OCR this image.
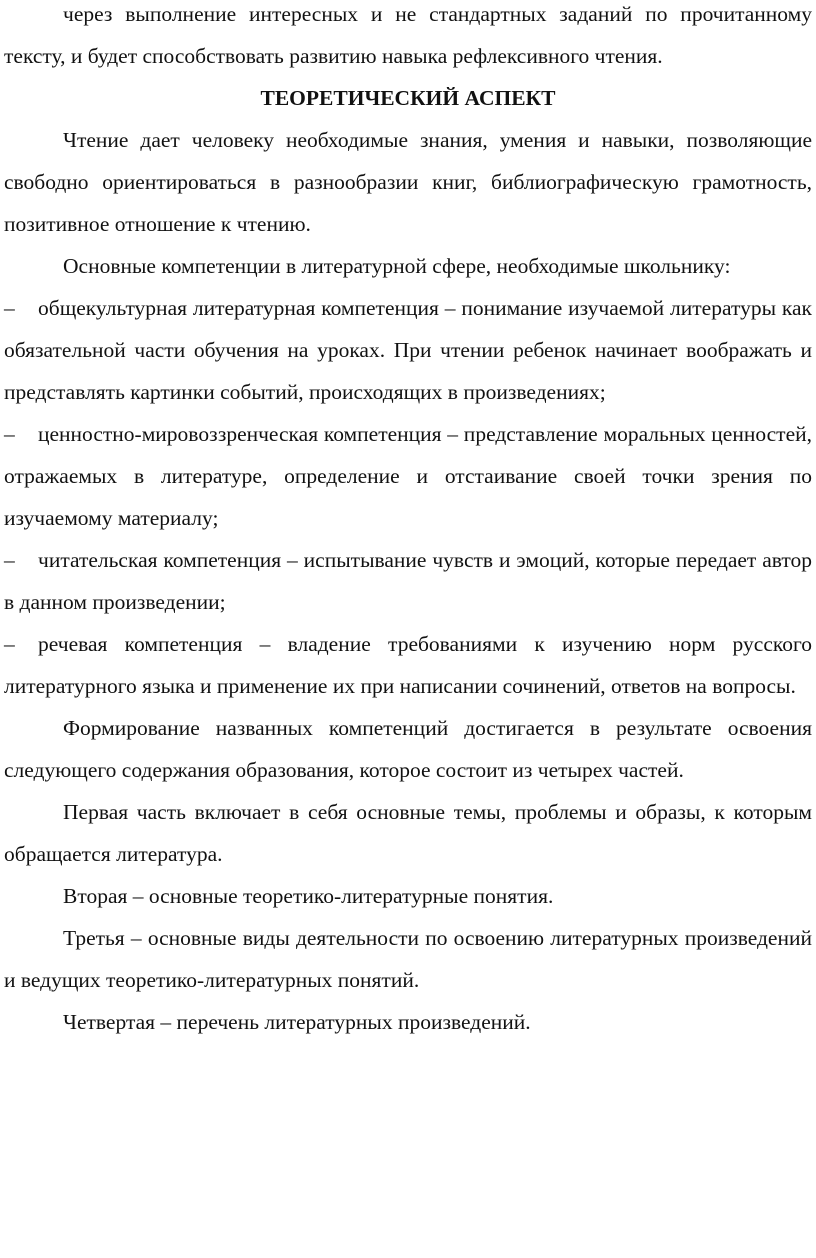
через выполнение интересных и не стандартных заданий по прочитанному тексту, и будет способствовать развитию навыка рефлексивного чтения.

ТЕОРЕТИЧЕСКИЙ АСПЕКТ

Чтение дает человеку необходимые знания, умения и навыки, позволяющие свободно ориентироваться в разнообразии книг, библиографическую грамотность, позитивное отношение к чтению.

Основные компетенции в литературной сфере, необходимые школьнику:

– общекультурная литературная компетенция – понимание изучаемой литературы как обязательной части обучения на уроках. При чтении ребенок начинает воображать и представлять картинки событий, происходящих в произведениях;

– ценностно-мировоззренческая компетенция – представление моральных ценностей, отражаемых в литературе, определение и отстаивание своей точки зрения по изучаемому материалу;

– читательская компетенция – испытывание чувств и эмоций, которые передает автор в данном произведении;

– речевая компетенция – владение требованиями к изучению норм русского литературного языка и применение их при написании сочинений, ответов на вопросы.

Формирование названных компетенций достигается в результате освоения следующего содержания образования, которое состоит из четырех частей.

Первая часть включает в себя основные темы, проблемы и образы, к которым обращается литература.

Вторая – основные теоретико-литературные понятия.

Третья – основные виды деятельности по освоению литературных произведений и ведущих теоретико-литературных понятий.

Четвертая – перечень литературных произведений.
